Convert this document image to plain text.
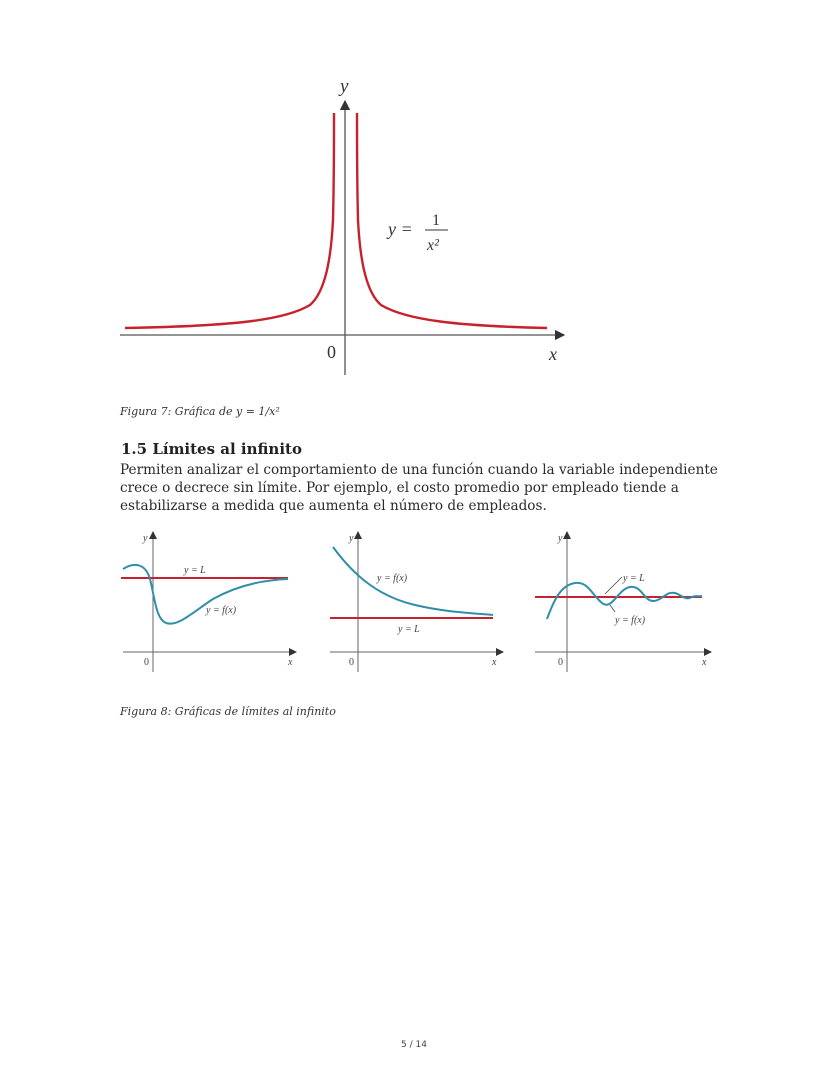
y
x
0
y = 1
x²
Figura 7: Gráfica de y = 1/x²
1.5 Límites al infinito
Permiten analizar el comportamiento de una función cuando la variable independiente
crece o decrece sin límite. Por ejemplo, el costo promedio por empleado tiende a
estabilizarse a medida que aumenta el número de empleados.
y
x
0
y = L
y = f(x)
y
x
0
y = L
y = f(x)
y
x
0
y = L
y = f(x)
Figura 8: Gráficas de límites al infinito
5 / 14
